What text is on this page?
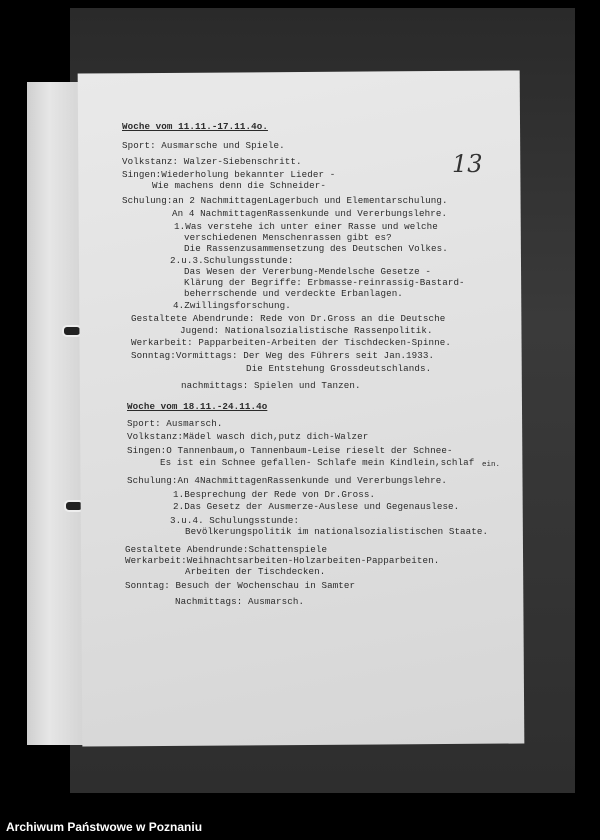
13
Woche vom 11.11.-17.11.4o.
Sport: Ausmarsche und Spiele.
Volkstanz: Walzer-Siebenschritt.
Singen:Wiederholung bekannter Lieder -
Wie machens denn die Schneider-
Schulung:an 2 NachmittagenLagerbuch und Elementarschulung.
An 4 NachmittagenRassenkunde und Vererbungslehre.
1.Was verstehe ich unter einer Rasse und welche
verschiedenen Menschenrassen gibt es?
Die Rassenzusammensetzung des Deutschen Volkes.
2.u.3.Schulungsstunde:
Das Wesen der Vererbung-Mendelsche Gesetze -
Klärung der Begriffe: Erbmasse-reinrassig-Bastard-
beherrschende und verdeckte Erbanlagen.
4.Zwillingsforschung.
Gestaltete Abendrunde: Rede von Dr.Gross an die Deutsche
Jugend: Nationalsozialistische Rassenpolitik.
Werkarbeit: Papparbeiten-Arbeiten der Tischdecken-Spinne.
Sonntag:Vormittags: Der Weg des Führers seit Jan.1933.
Die Entstehung Grossdeutschlands.
nachmittags: Spielen und Tanzen.
Woche vom 18.11.-24.11.4o
Sport: Ausmarsch.
Volkstanz:Mädel wasch dich,putz dich-Walzer
Singen:O Tannenbaum,o Tannenbaum-Leise rieselt der Schnee-
Es ist ein Schnee gefallen- Schlafe mein Kindlein,schlaf ein.
Schulung:An 4NachmittagenRassenkunde und Vererbungslehre.
1.Besprechung der Rede von Dr.Gross.
2.Das Gesetz der Ausmerze-Auslese und Gegenauslese.
3.u.4. Schulungsstunde:
Bevölkerungspolitik im nationalsozialistischen Staate.
Gestaltete Abendrunde:Schattenspiele
Werkarbeit:Weihnachtsarbeiten-Holzarbeiten-Papparbeiten.
Arbeiten der Tischdecken.
Sonntag: Besuch der Wochenschau in Samter
Nachmittags: Ausmarsch.
Archiwum Państwowe w Poznaniu
